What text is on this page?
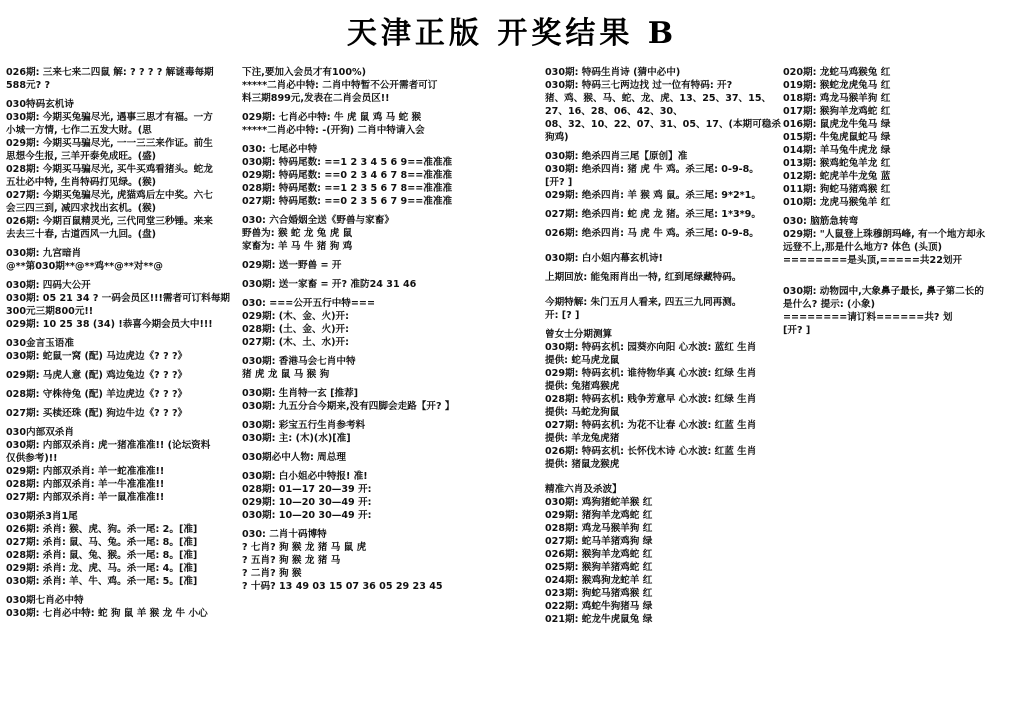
天津正版 开奖结果 B
026期: 三来七来二四鼠 解: ? ? ? ? 解谜毒每期
588元? ?
030特码玄机诗
030期: 今期买兔骗尽光, 遇事三思才有福。一方
小城一方情, 七作二五发大财。(思
029期: 今期买马骗尽光, 一一三三来作证。前生
思想今生报, 三羊开泰免成旺。(盛)
028期: 今期买马骗尽光, 买牛买鸡看猪头。蛇龙
五壮必中特, 生肖特码打见绿。(猴)
027期: 今期买兔骗尽光, 虎猫鸡后左中奖。六七
会三四三到, 减四求找出玄机。(猴)
026期: 今期百鼠精灵光, 三代同堂三秒锤。来来
去去三十春, 古道西风一九回。(盘)
030期: 九宫暗肖
@**第030期**@**鸡**@**对**@
030期: 四码大公开
030期: 05 21 34 ? 一码会员区!!!需者可订料每期
300元三期800元!!
029期: 10 25 38 (34) !恭喜今期会员大中!!!
030金言玉语准
030期: 蛇鼠一窝 (配) 马边虎边《? ? ?》
029期: 马虎人意 (配) 鸡边兔边《? ? ?》
028期: 守株待兔 (配) 羊边虎边《? ? ?》
027期: 买椟还珠 (配) 狗边牛边《? ? ?》
030内部双杀肖
030期: 内部双杀肖: 虎一猪准准准!! (论坛资料
仅供参考)!!
029期: 内部双杀肖: 羊一蛇准准准!!
028期: 内部双杀肖: 羊一牛准准准!!
027期: 内部双杀肖: 羊一鼠准准准!!
030期杀3肖1尾
026期: 杀肖: 猴、虎、狗。杀一尾: 2。[准]
027期: 杀肖: 鼠、马、兔。杀一尾: 8。[准]
028期: 杀肖: 鼠、兔、猴。杀一尾: 8。[准]
029期: 杀肖: 龙、虎、马。杀一尾: 4。[准]
030期: 杀肖: 羊、牛、鸡。杀一尾: 5。[准]
030期七肖必中特
030期: 七肖必中特: 蛇 狗 鼠 羊 猴 龙 牛 小心
下注,要加入会员才有100%)
*****二肖必中特: 二肖中特暂不公开需者可订
料三期899元,发表在二肖会员区!!
029期: 七肖必中特: 牛 虎 鼠 鸡 马 蛇 猴
*****二肖必中特: -(开狗) 二肖中特请入会
030: 七尾必中特
030期: 特码尾数: ==1 2 3 4 5 6 9==准准准
029期: 特码尾数: ==0 2 3 4 6 7 8==准准准
028期: 特码尾数: ==1 2 3 5 6 7 8==准准准
027期: 特码尾数: ==0 2 3 5 6 7 9==准准准
030: 六合婚姻全送《野兽与家畜》
野兽为: 猴 蛇 龙 兔 虎 鼠
家畜为: 羊 马 牛 猪 狗 鸡
029期: 送一野兽 = 开
030期: 送一家畜 = 开? 准防24 31 46
030: ===公开五行中特===
029期: (木、金、火)开:
028期: (土、金、火)开:
027期: (木、土、水)开:
030期: 香港马会七肖中特
猪 虎 龙 鼠 马 猴 狗
030期: 生肖特一玄 [推荐]
030期: 九五分合今期来,没有四脚会走路【开? 】
030期: 彩宝五行生肖参考料
030期: 主: (木)(水)[准]
030期必中人物: 周总理
030期: 白小姐必中特报! 准!
028期: 01—17 20—39 开:
029期: 10—20 30—49 开:
030期: 10—20 30—49 开:
030: 二肖十码博特
? 七肖? 狗 猴 龙 猪 马 鼠 虎
? 五肖? 狗 猴 龙 猪 马
? 二肖? 狗 猴
? 十码? 13 49 03 15 07 36 05 29 23 45
030期: 特码生肖诗 (猜中必中)
030期: 特码三七两边找 过一位有特码: 开?
猪、鸡、猴、马、蛇、龙、虎、13、25、37、15、
27、16、28、06、42、30、
08、32、10、22、07、31、05、17、(本期可稳杀
狗鸡)
030期: 绝杀四肖三尾【原创】准
030期: 绝杀四肖: 猪 虎 牛 鸡。杀三尾: 0-9-8。
[开? ]
029期: 绝杀四肖: 羊 猴 鸡 鼠。杀三尾: 9*2*1。
027期: 绝杀四肖: 蛇 虎 龙 猪。杀三尾: 1*3*9。
026期: 绝杀四肖: 马 虎 牛 鸡。杀三尾: 0-9-8。
030期: 白小姐内幕玄机诗!
上期回放: 能兔雨肖出一特, 红到尾绿藏特码。
今期特解: 朱门五月人看来, 四五三九同再测。
开: [? ]
曾女士分期测算
030期: 特码玄机: 园葵亦向阳 心水波: 蓝红 生肖
提供: 蛇马虎龙鼠
029期: 特码玄机: 谁待物华真 心水波: 红绿 生肖
提供: 兔猪鸡猴虎
028期: 特码玄机: 贱争芳意早 心水波: 红绿 生肖
提供: 马蛇龙狗鼠
027期: 特码玄机: 为花不让春 心水波: 红蓝 生肖
提供: 羊龙兔虎猪
026期: 特码玄机: 长怀伐木诗 心水波: 红蓝 生肖
提供: 猪鼠龙猴虎
精准六肖及杀波】
030期: 鸡狗猪蛇羊猴 红
029期: 猪狗羊龙鸡蛇 红
028期: 鸡龙马猴羊狗 红
027期: 蛇马羊猪鸡狗 绿
026期: 猴狗羊龙鸡蛇 红
025期: 猴狗羊猪鸡蛇 红
024期: 猴鸡狗龙蛇羊 红
023期: 狗蛇马猪鸡猴 红
022期: 鸡蛇牛狗猪马 绿
021期: 蛇龙牛虎鼠兔 绿
020期: 龙蛇马鸡猴兔 红
019期: 猴蛇龙虎兔马 红
018期: 鸡龙马猴羊狗 红
017期: 猴狗羊龙鸡蛇 红
016期: 鼠虎龙牛兔马 绿
015期: 牛兔虎鼠蛇马 绿
014期: 羊马兔牛虎龙 绿
013期: 猴鸡蛇兔羊龙 红
012期: 蛇虎羊牛龙兔 蓝
011期: 狗蛇马猪鸡猴 红
010期: 龙虎马猴兔羊 红
030: 脑筋急转弯
029期: "人鼠登上珠穆朗玛峰, 有一个地方却永
远登不上,那是什么地方? 体色 (头顶)
========是头顶,=====共22划开
030期: 动物园中,大象鼻子最长, 鼻子第二长的
是什么? 提示: (小象)
========请订料======共? 划
[开? ]
